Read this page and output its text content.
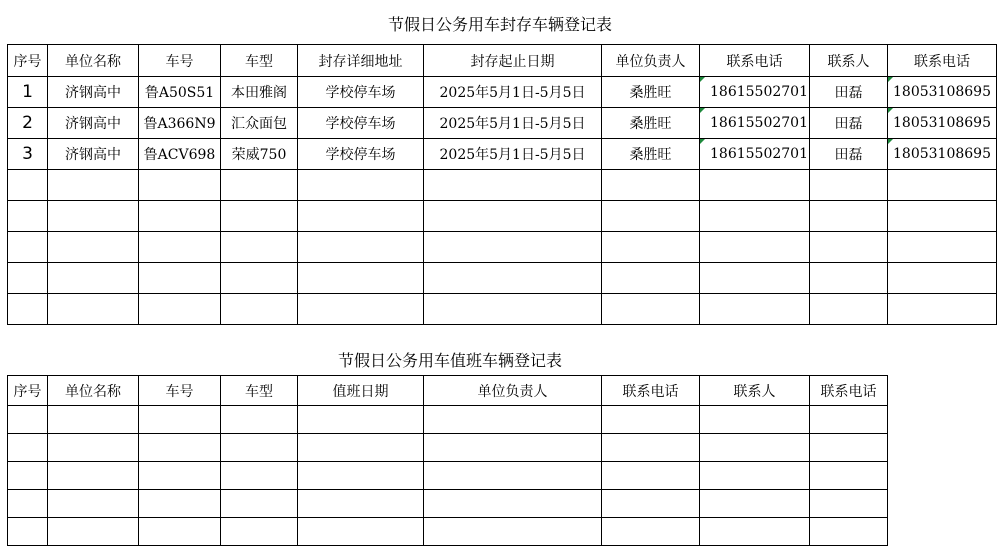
节假日公务用车封存车辆登记表
序号	单位名称	车号	车型	封存详细地址	封存起止日期	单位负责人	联系电话	联系人	联系电话
1	济钢高中	鲁A50S51	本田雅阁	学校停车场	2025年5月1日-5月5日	桑胜旺	18615502701	田磊	18053108695
2	济钢高中	鲁A366N9	汇众面包	学校停车场	2025年5月1日-5月5日	桑胜旺	18615502701	田磊	18053108695
3	济钢高中	鲁ACV698	荣威750	学校停车场	2025年5月1日-5月5日	桑胜旺	18615502701	田磊	18053108695

节假日公务用车值班车辆登记表
序号	单位名称	车号	车型	值班日期	单位负责人	联系电话	联系人	联系电话
